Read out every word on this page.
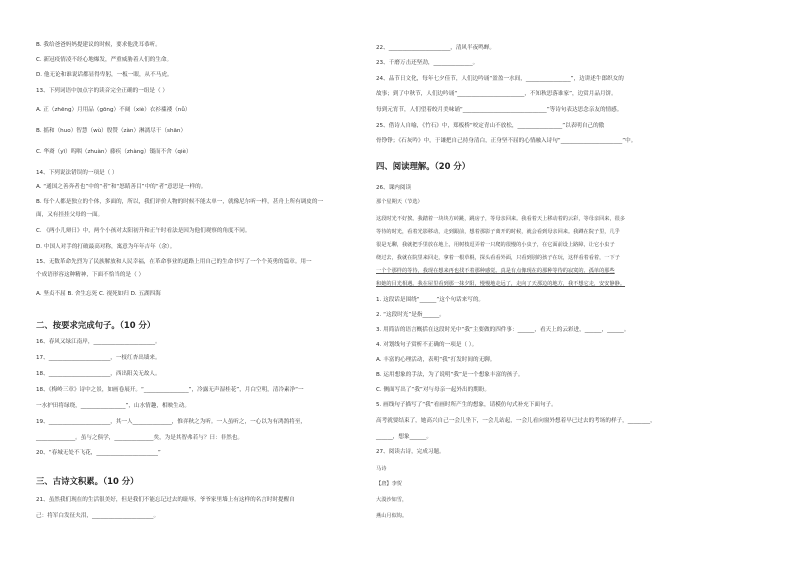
B. 我给爸爸妈妈提建议的时候，要求他洗耳恭听。
C. 新冠疫情凌不经心地爆发，严重威胁着人们的生命。
D. 他无论和谁说话都显得卑躬，一板一眼，从不马虎。
13、下列词语中加点字的读音完全正确的一组是（ ）
A. 正（zhēng）月用品（gōng）不阔（xiè）衣衫褴褛（nǚ）
B. 摇和（huo）智慧（wù）殷赞（zàn）淋漓尽干（shān）
C. 华裔（yī）呜咽（zhuàn）藤疾（zhàng）镊而不舍（qiè）
14、下列说法错误的一项是（ ）
A. “通国之善奔者也”中的“者”和“怒睛善目”中的“者”意思是一样的。
B. 每个人都是独立的个体，多面的，所以，我们评价人物的时候不能太单一，就像尼尔听一样，甚舟上所有调皮的一
面，又有挂挂父母的一面。
C. 《两小儿辩日》中，两个小孩对太阳初升和正午时看法是因为他们观察的角度不同。
D. 中国人对手的打破最高对称，寓意为年年吉年（余）。
15、无数革命先烈为了民族解放和人民幸福，在革命事业的道路上用自己的生命书写了一个个英勇的篇章。用一
个成语形容这种精神，下面不恰当的是（ ）
A. 坚贞不屈 B. 舍生忘死 C. 视死如归 D. 五湖四海
16、春风又绿江南岸，______________________。
17、______________________，一枝红杏出墙来。
18、______________________，西出阳关无故人。
18、《梅岭三章》诗中之景，如画卷展开。“________________”，冷露无声湿桂花”，月白空明，清冷素净“一
一水护田将绿绕，________________”，山水情趣，相映生动。
19、______________________，其一人______________，惟弈秋之为听。一人虽听之，一心以为有鸿鹄将至，
______________。虽与之俱学，______________矣，为是其智弗若与？曰：非然也。
20、“春城无处不飞花，______________________”
21、虽然我们现在的生活很美好，但是我们不能忘记过去的耻辱。爷爷家里墙上有这样的名言时时提醒自
己：将军白发征夫泪，______________________。
二、按要求完成句子。（10 分）
三、古诗文积累。（10 分）
22、______________________，清风半夜鸣蝉。
23、千磨万击还坚劲，______________。
24、品节日文化，每年七夕佳节，人们边吟诵“盈盈一水间，________________”，边讲述牛郎织女的
故事；到了中秋节，人们边吟诵“________________________，不知秋思落谁家”，边赏月品月饼。
每到元宵节，人们望着皎月美味诵“______________________________”等诗句表达思念亲友的情感。
25、借诗人自喻，《竹石》中，郑板桥“咬定青山不放松，________________”以表明自己的傲
骨铮铮；《石灰吟》中，于谦把自己持身清白，正身坚不屈的心情融入诗句“______________________”中。
26、课内阅读
那个星期天（节选）
这段时光不好挨。我踏着一块块方砖跳，跳房子，等母亲回来。我看着天上移动着的云彩，等母亲回来，很多
等待的时光，看着光影移动，走到跟前，想着那影子离开的时候，就会看到母亲回来。我蹲在院子里，几乎
很是无聊，我就把手里放在地上，用树枝逗弄着一只爬的很慢的小虫子，在它面前设上路障，让它小虫子
绕过去，我就在院里来回走，拿着一根草棍，探头看看外面，只看到别的孩子在玩，这样看着看着，一下子
一个个那样的等待，我现在想来再也找不着那种感觉。真是有点像现在的那种等待的寂寞的、孤单的那些
和她的目光相遇。我在屋里看到那一抹夕阳，慢慢地走远了，走向了天那边的地方，我不想它走，安安静静。
1. 这段话是围绕“______”这个句话来写的。
2. “这段时光”是指______。
3. 用简洁的语言概括在这段时光中“我”主要做的四件事：______，看天上的云彩进，______，______。
4. 对划线句子赏析不正确的一项是（ ）。
A. 丰富的心理活动，表明“我”打发时间的无聊。
B. 运用想象的手法，为了说明“我”是一个想象丰富的孩子。
C. 侧面写出了“我”对与母亲一起外出的期盼。
5. 画线句子描写了“我”看画时所产生的想象，请模仿句式补充下面句子。
高考就要结束了，她高兴自己一会儿坐下，一会儿站起，一会儿看向窗外想着早已过去的考场的样子，________，
______，想象______。
27、阅读古诗，完成习题。
马诗
【唐】李贺
大漠沙如雪，
燕山月似钩。
四、阅读理解。（20 分）
